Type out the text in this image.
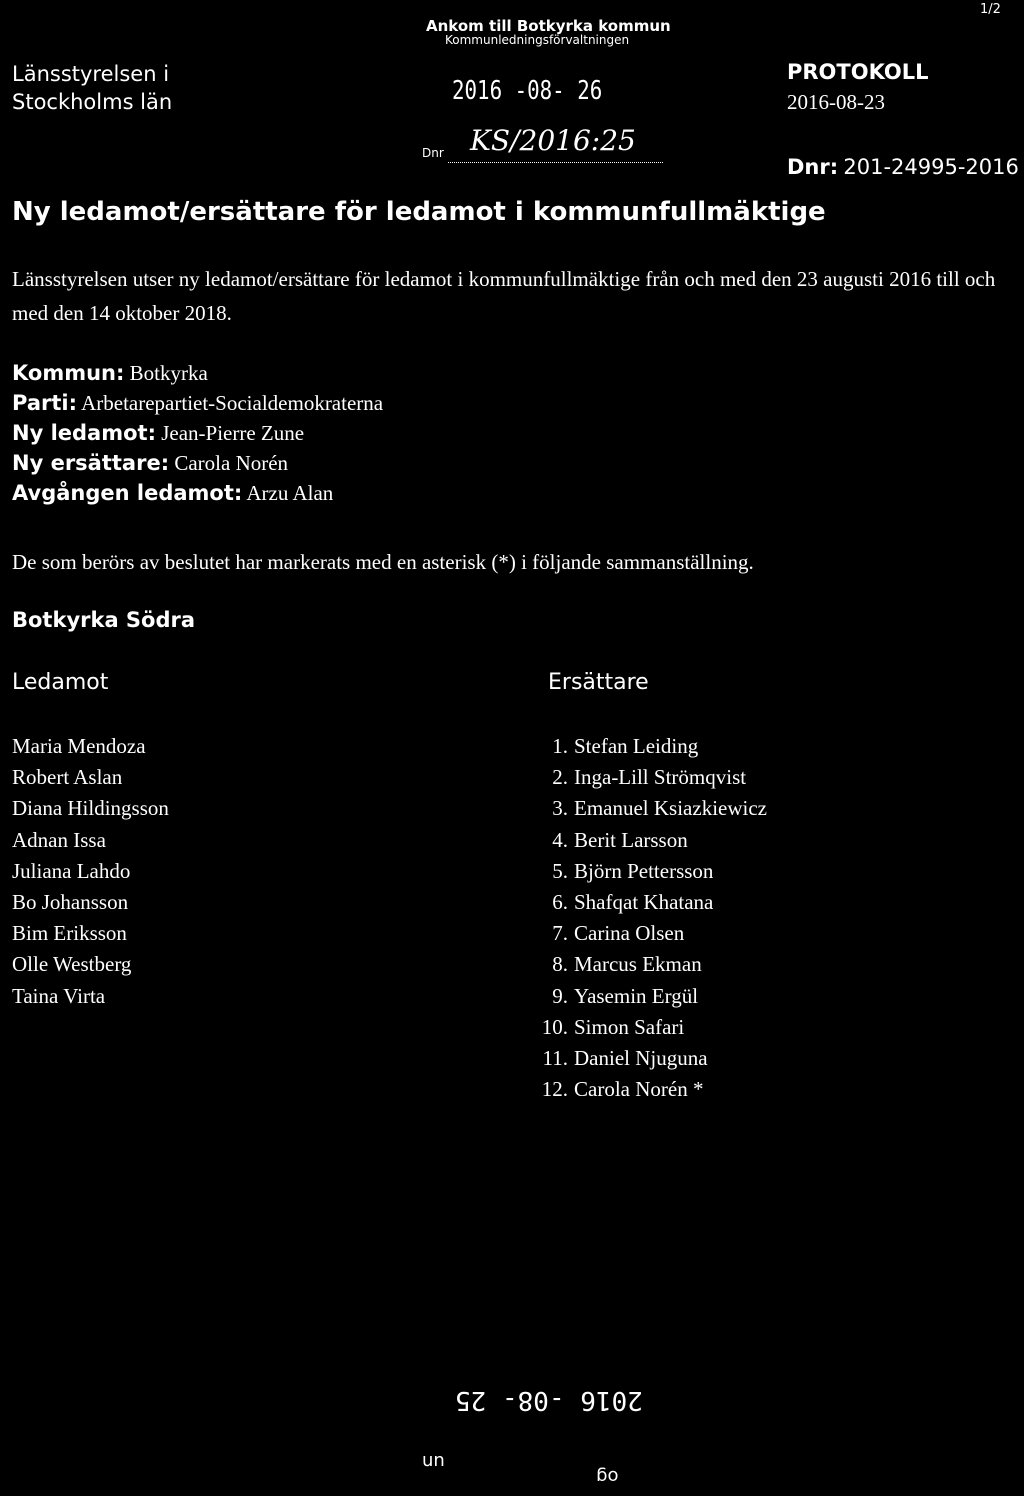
Ankom till Botkyrka kommun
Kommunledningsförvaltningen
2016 -08- 26
Dnr KS/2016:25
1/2
Länsstyrelsen i
Stockholms län
PROTOKOLL
2016-08-23
Dnr: 201-24995-2016
Ny ledamot/ersättare för ledamot i kommunfullmäktige
Länsstyrelsen utser ny ledamot/ersättare för ledamot i kommunfullmäktige från och med den 23 augusti 2016 till och med den 14 oktober 2018.
Kommun: Botkyrka
Parti: Arbetarepartiet-Socialdemokraterna
Ny ledamot: Jean-Pierre Zune
Ny ersättare: Carola Norén
Avgången ledamot: Arzu Alan
De som berörs av beslutet har markerats med en asterisk (*) i följande sammanställning.
Botkyrka Södra
Ledamot	Ersättare
Maria Mendoza
Robert Aslan
Diana Hildingsson
Adnan Issa
Juliana Lahdo
Bo Johansson
Bim Eriksson
Olle Westberg
Taina Virta
1. Stefan Leiding
2. Inga-Lill Strömqvist
3. Emanuel Ksiazkiewicz
4. Berit Larsson
5. Björn Pettersson
6. Shafqat Khatana
7. Carina Olsen
8. Marcus Ekman
9. Yasemin Ergül
10. Simon Safari
11. Daniel Njuguna
12. Carola Norén *
2016 -08- 25
un
og
